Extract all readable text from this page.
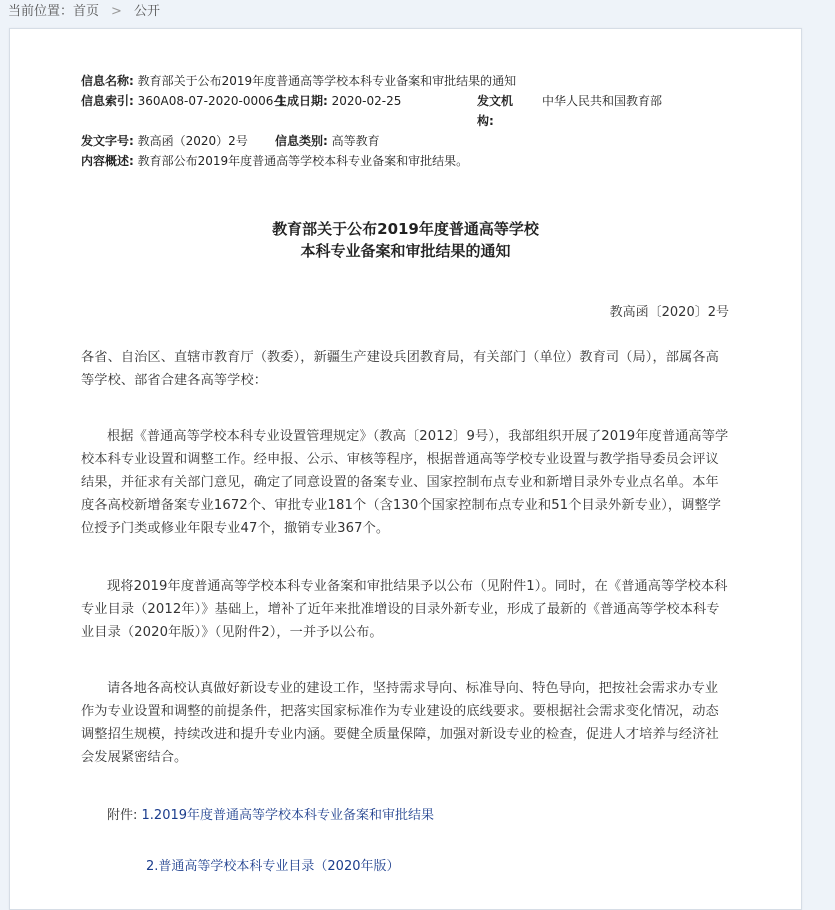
当前位置：首页 > 公开
信息名称: 教育部关于公布2019年度普通高等学校本科专业备案和审批结果的通知
信息索引: 360A08-07-2020-0006-1
生成日期: 2020-02-25	发文机
构:
中华人民共和国教育部
发文字号: 教高函（2020）2号 信息类别: 高等教育
内容概述: 教育部公布2019年度普通高等学校本科专业备案和审批结果。
教育部关于公布2019年度普通高等学校
本科专业备案和审批结果的通知
教高函〔2020〕2号
各省、自治区、直辖市教育厅（教委），新疆生产建设兵团教育局，有关部门（单位）教育司（局），部属各高等学校、部省合建各高等学校：
根据《普通高等学校本科专业设置管理规定》（教高〔2012〕9号），我部组织开展了2019年度普通高等学校本科专业设置和调整工作。经申报、公示、审核等程序，根据普通高等学校专业设置与教学指导委员会评议结果，并征求有关部门意见，确定了同意设置的备案专业、国家控制布点专业和新增目录外专业点名单。本年度各高校新增备案专业1672个、审批专业181个（含130个国家控制布点专业和51个目录外新专业），调整学位授予门类或修业年限专业47个，撤销专业367个。
现将2019年度普通高等学校本科专业备案和审批结果予以公布（见附件1）。同时，在《普通高等学校本科专业目录（2012年）》基础上，增补了近年来批准增设的目录外新专业，形成了最新的《普通高等学校本科专业目录（2020年版）》（见附件2），一并予以公布。
请各地各高校认真做好新设专业的建设工作，坚持需求导向、标准导向、特色导向，把按社会需求办专业作为专业设置和调整的前提条件，把落实国家标准作为专业建设的底线要求。要根据社会需求变化情况，动态调整招生规模，持续改进和提升专业内涵。要健全质量保障，加强对新设专业的检查，促进人才培养与经济社会发展紧密结合。
附件: 1.2019年度普通高等学校本科专业备案和审批结果
2.普通高等学校本科专业目录（2020年版）
